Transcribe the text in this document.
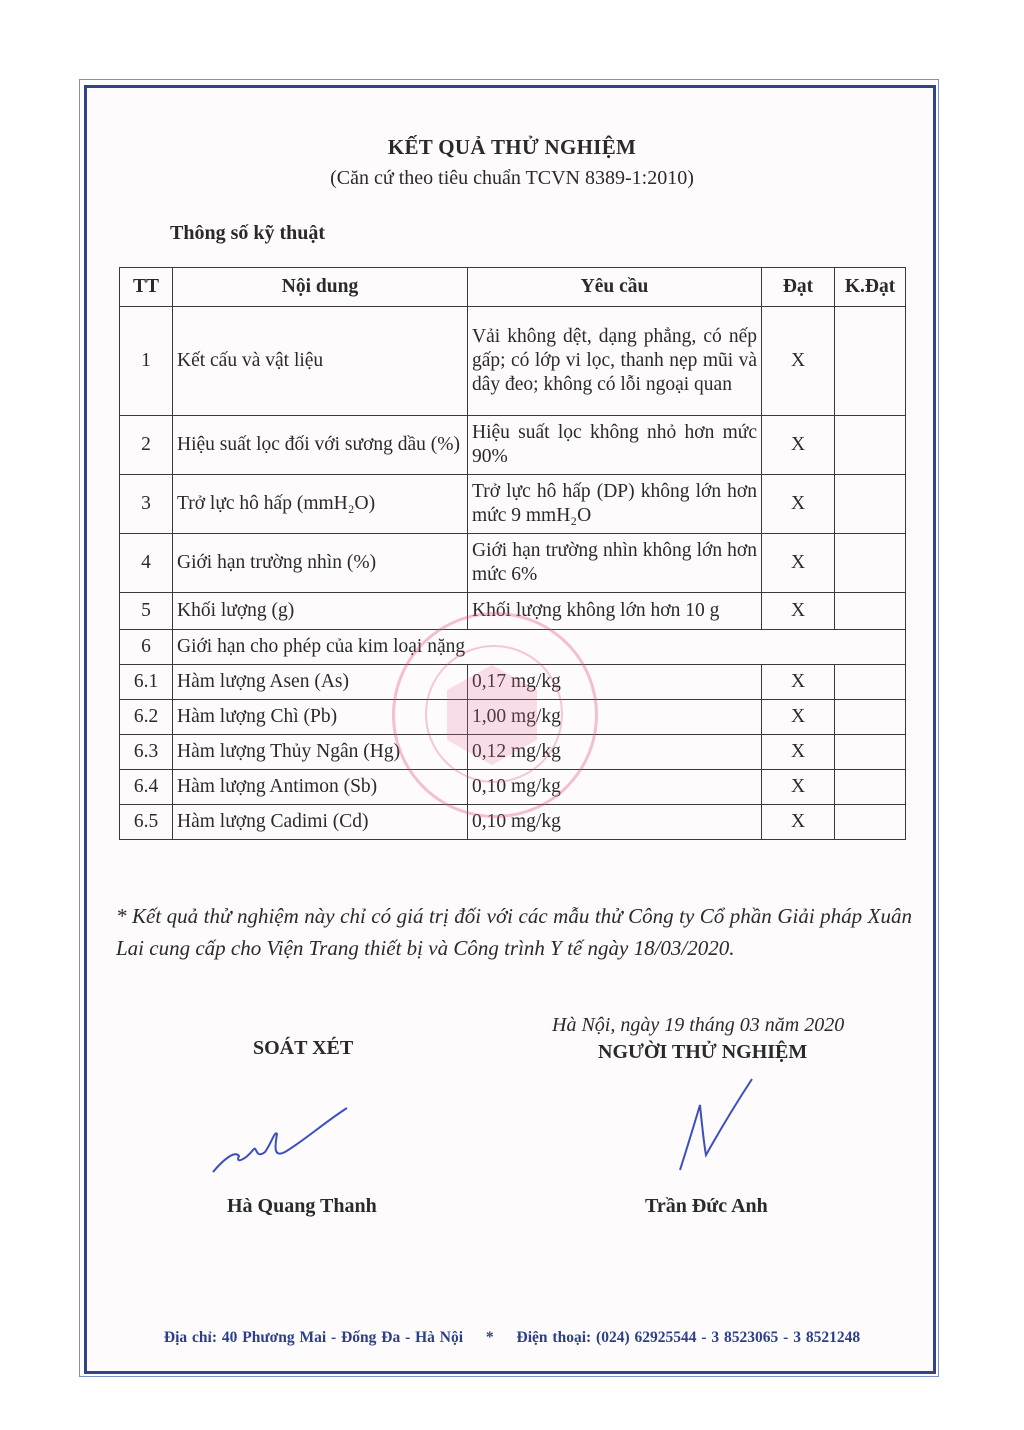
KẾT QUẢ THỬ NGHIỆM
(Căn cứ theo tiêu chuẩn TCVN 8389-1:2010)
Thông số kỹ thuật
TT	Nội dung	Yêu cầu	Đạt	K.Đạt
1	Kết cấu và vật liệu	Vải không dệt, dạng phẳng, có nếp gấp; có lớp vi lọc, thanh nẹp mũi và dây đeo; không có lỗi ngoại quan	X	
2	Hiệu suất lọc đối với sương dầu (%)	Hiệu suất lọc không nhỏ hơn mức 90%	X	
3	Trở lực hô hấp (mmH₂O)	Trở lực hô hấp (DP) không lớn hơn mức 9 mmH₂O	X	
4	Giới hạn trường nhìn (%)	Giới hạn trường nhìn không lớn hơn mức 6%	X	
5	Khối lượng (g)	Khối lượng không lớn hơn 10 g	X	
6	Giới hạn cho phép của kim loại nặng			
6.1	Hàm lượng Asen (As)	0,17 mg/kg	X	
6.2	Hàm lượng Chì (Pb)	1,00 mg/kg	X	
6.3	Hàm lượng Thủy Ngân (Hg)	0,12 mg/kg	X	
6.4	Hàm lượng Antimon (Sb)	0,10 mg/kg	X	
6.5	Hàm lượng Cadimi (Cd)	0,10 mg/kg	X	
* Kết quả thử nghiệm này chỉ có giá trị đối với các mẫu thử Công ty Cổ phần Giải pháp Xuân Lai cung cấp cho Viện Trang thiết bị và Công trình Y tế ngày 18/03/2020.
Hà Nội, ngày 19 tháng 03 năm 2020
SOÁT XÉT	NGƯỜI THỬ NGHIỆM
Hà Quang Thanh	Trần Đức Anh
Địa chỉ: 40 Phương Mai - Đống Đa - Hà Nội * Điện thoại: (024) 62925544 - 3 8523065 - 3 8521248
